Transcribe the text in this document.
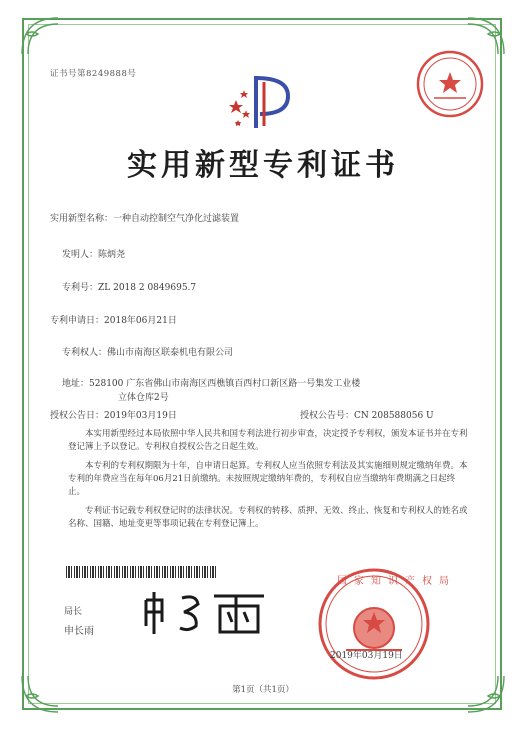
证书号第8249888号
实用新型专利证书
实用新型名称：一种自动控制空气净化过滤装置
发明人：陈炳尧
专利号：ZL 2018 2 0849695.7
专利申请日：2018年06月21日
专利权人：佛山市南海区联泰机电有限公司
地址：528100 广东省佛山市南海区西樵镇百西村口新区路一号集发工业楼
立体仓库2号
授权公告日：2019年03月19日	授权公告号：CN 208588056 U

本实用新型经过本局依照中华人民共和国专利法进行初步审查，决定授予专利权，颁发本证书并在专利登记簿上予以登记。专利权自授权公告之日起生效。

本专利的专利权期限为十年，自申请日起算。专利权人应当依照专利法及其实施细则规定缴纳年费。本专利的年费应当在每年06月21日前缴纳。未按照规定缴纳年费的，专利权自应当缴纳年费期满之日起终止。

专利证书记载专利权登记时的法律状况。专利权的转移、质押、无效、终止、恢复和专利权人的姓名或名称、国籍、地址变更等事项记载在专利登记簿上。

局长
申长雨
国家知识产权局
2019年03月19日
第1页（共1页）
